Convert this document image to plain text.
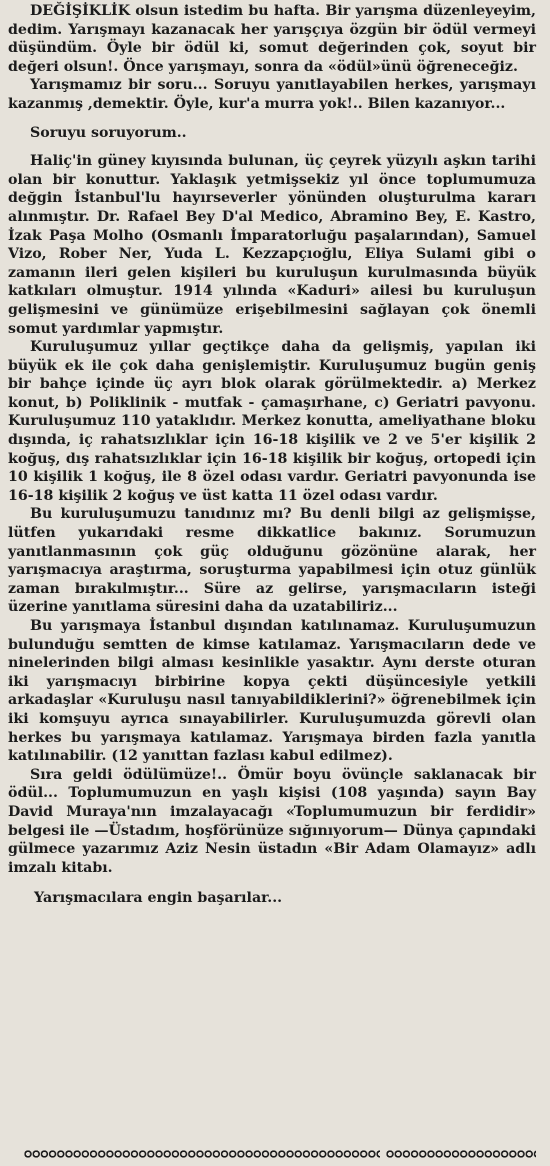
DEĞİŞİKLİK olsun istedim bu hafta. Bir yarışma düzenleyeyim, dedim. Yarışmayı kazanacak her yarışçıya özgün bir ödül vermeyi düşündüm. Öyle bir ödül ki, somut değerinden çok, soyut bir değeri olsun!. Önce yarışmayı, sonra da «ödül»ünü öğreneceğiz.

Yarışmamız bir soru... Soruyu yanıtlayabilen herkes, yarışmayı kazanmış ,demektir. Öyle, kur'a murra yok!.. Bilen kazanıyor...

Soruyu soruyorum..

Haliç'in güney kıyısında bulunan, üç çeyrek yüzyılı aşkın tarihi olan bir konuttur. Yaklaşık yetmişsekiz yıl önce toplumumuza değgin İstanbul'lu hayırseverler yönünden oluşturulma kararı alınmıştır. Dr. Rafael Bey D'al Medico, Abramino Bey, E. Kastro, İzak Paşa Molho (Osmanlı İmparatorluğu paşalarından), Samuel Vizo, Rober Ner, Yuda L. Kezzapçıoğlu, Eliya Sulami gibi o zamanın ileri gelen kişileri bu kuruluşun kurulmasında büyük katkıları olmuştur. 1914 yılında «Kaduri» ailesi bu kuruluşun gelişmesini ve günümüze erişebilmesini sağlayan çok önemli somut yardımlar yapmıştır.

Kuruluşumuz yıllar geçtikçe daha da gelişmiş, yapılan iki büyük ek ile çok daha genişlemiştir. Kuruluşumuz bugün geniş bir bahçe içinde üç ayrı blok olarak görülmektedir. a) Merkez konut, b) Poliklinik - mutfak - çamaşırhane, c) Geriatri pavyonu. Kuruluşumuz 110 yataklıdır. Merkez konutta, ameliyathane bloku dışında, iç rahatsızlıklar için 16-18 kişilik ve 2 ve 5'er kişilik 2 koğuş, dış rahatsızlıklar için 16-18 kişilik bir koğuş, ortopedi için 10 kişilik 1 koğuş, ile 8 özel odası vardır. Geriatri pavyonunda ise 16-18 kişilik 2 koğuş ve üst katta 11 özel odası vardır.

Bu kuruluşumuzu tanıdınız mı? Bu denli bilgi az gelişmişse, lütfen yukarıdaki resme dikkatlice bakınız. Sorumuzun yanıtlanmasının çok güç olduğunu gözönüne alarak, her yarışmacıya araştırma, soruşturma yapabilmesi için otuz günlük zaman bırakılmıştır... Süre az gelirse, yarışmacıların isteği üzerine yanıtlama süresini daha da uzatabiliriz...

Bu yarışmaya İstanbul dışından katılınamaz. Kuruluşumuzun bulunduğu semtten de kimse katılamaz. Yarışmacıların dede ve ninelerinden bilgi alması kesinlikle yasaktır. Aynı derste oturan iki yarışmacıyı birbirine kopya çekti düşüncesiyle yetkili arkadaşlar «Kuruluşu nasıl tanıyabildiklerini?» öğrenebilmek için iki komşuyu ayrıca sınayabilirler. Kuruluşumuzda görevli olan herkes bu yarışmaya katılamaz. Yarışmaya birden fazla yanıtla katılınabilir. (12 yanıttan fazlası kabul edilmez).

Sıra geldi ödülümüze!.. Ömür boyu övünçle saklanacak bir ödül... Toplumumuzun en yaşlı kişisi (108 yaşında) sayın Bay David Muraya'nın imzalayacağı «Toplumumuzun bir ferdidir» belgesi ile —Üstadım, hoşförünüze sığınıyorum— Dünya çapındaki gülmece yazarımız Aziz Nesin üstadın «Bir Adam Olamayız» adlı imzalı kitabı.

Yarışmacılara engin başarılar...
